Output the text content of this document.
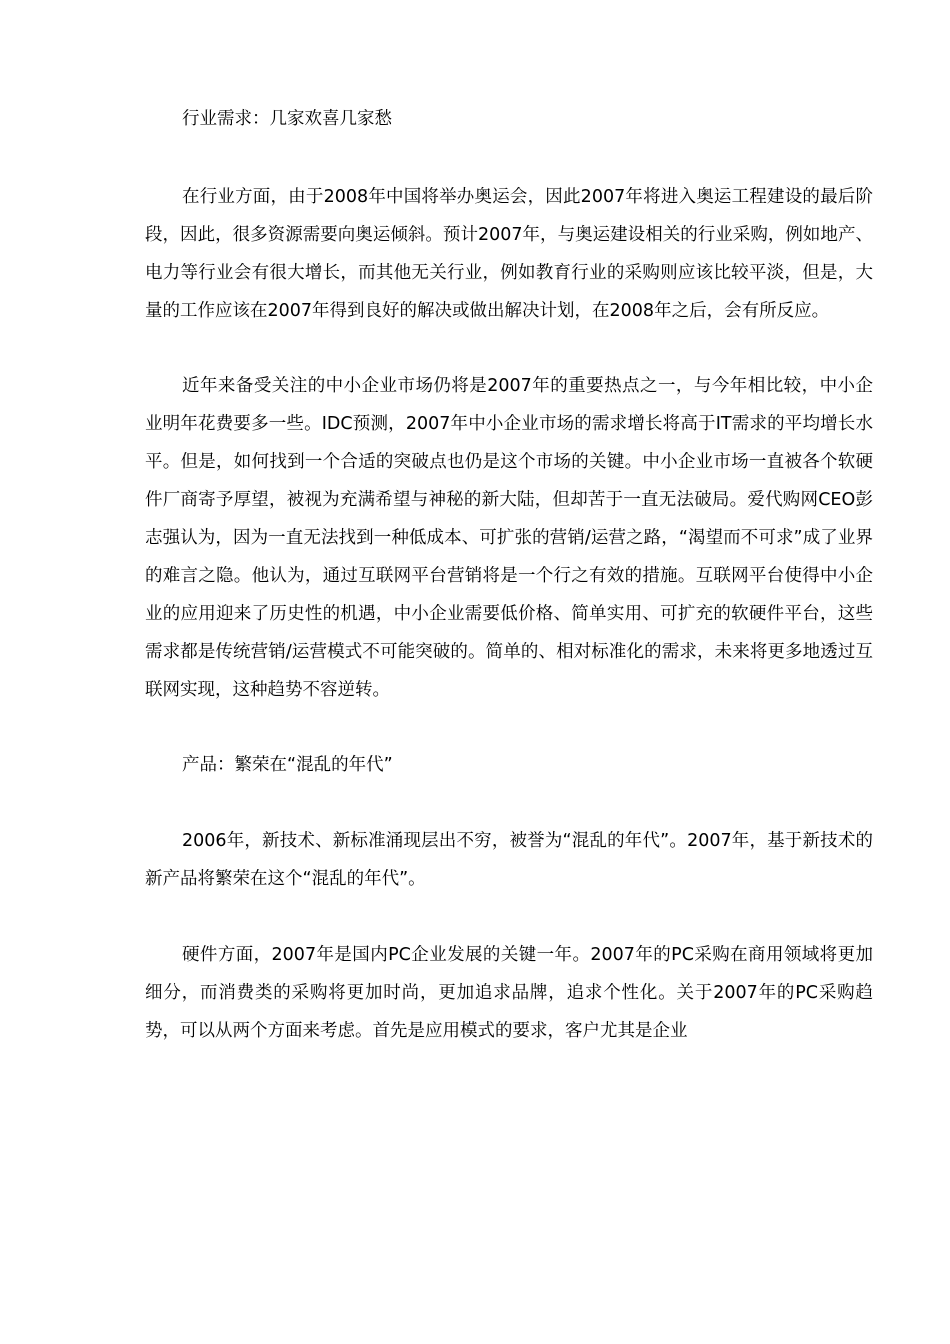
行业需求：几家欢喜几家愁

在行业方面，由于2008年中国将举办奥运会，因此2007年将进入奥运工程建设的最后阶段，因此，很多资源需要向奥运倾斜。预计2007年，与奥运建设相关的行业采购，例如地产、电力等行业会有很大增长，而其他无关行业，例如教育行业的采购则应该比较平淡，但是，大量的工作应该在2007年得到良好的解决或做出解决计划，在2008年之后，会有所反应。

近年来备受关注的中小企业市场仍将是2007年的重要热点之一，与今年相比较，中小企业明年花费要多一些。IDC预测，2007年中小企业市场的需求增长将高于IT需求的平均增长水平。但是，如何找到一个合适的突破点也仍是这个市场的关键。中小企业市场一直被各个软硬件厂商寄予厚望，被视为充满希望与神秘的新大陆，但却苦于一直无法破局。爱代购网CEO彭志强认为，因为一直无法找到一种低成本、可扩张的营销/运营之路，“渴望而不可求”成了业界的难言之隐。他认为，通过互联网平台营销将是一个行之有效的措施。互联网平台使得中小企业的应用迎来了历史性的机遇，中小企业需要低价格、简单实用、可扩充的软硬件平台，这些需求都是传统营销/运营模式不可能突破的。简单的、相对标准化的需求，未来将更多地透过互联网实现，这种趋势不容逆转。

产品：繁荣在“混乱的年代”

2006年，新技术、新标准涌现层出不穷，被誉为“混乱的年代”。2007年，基于新技术的新产品将繁荣在这个“混乱的年代”。

硬件方面，2007年是国内PC企业发展的关键一年。2007年的PC采购在商用领域将更加细分，而消费类的采购将更加时尚，更加追求品牌，追求个性化。关于2007年的PC采购趋势，可以从两个方面来考虑。首先是应用模式的要求，客户尤其是企业
